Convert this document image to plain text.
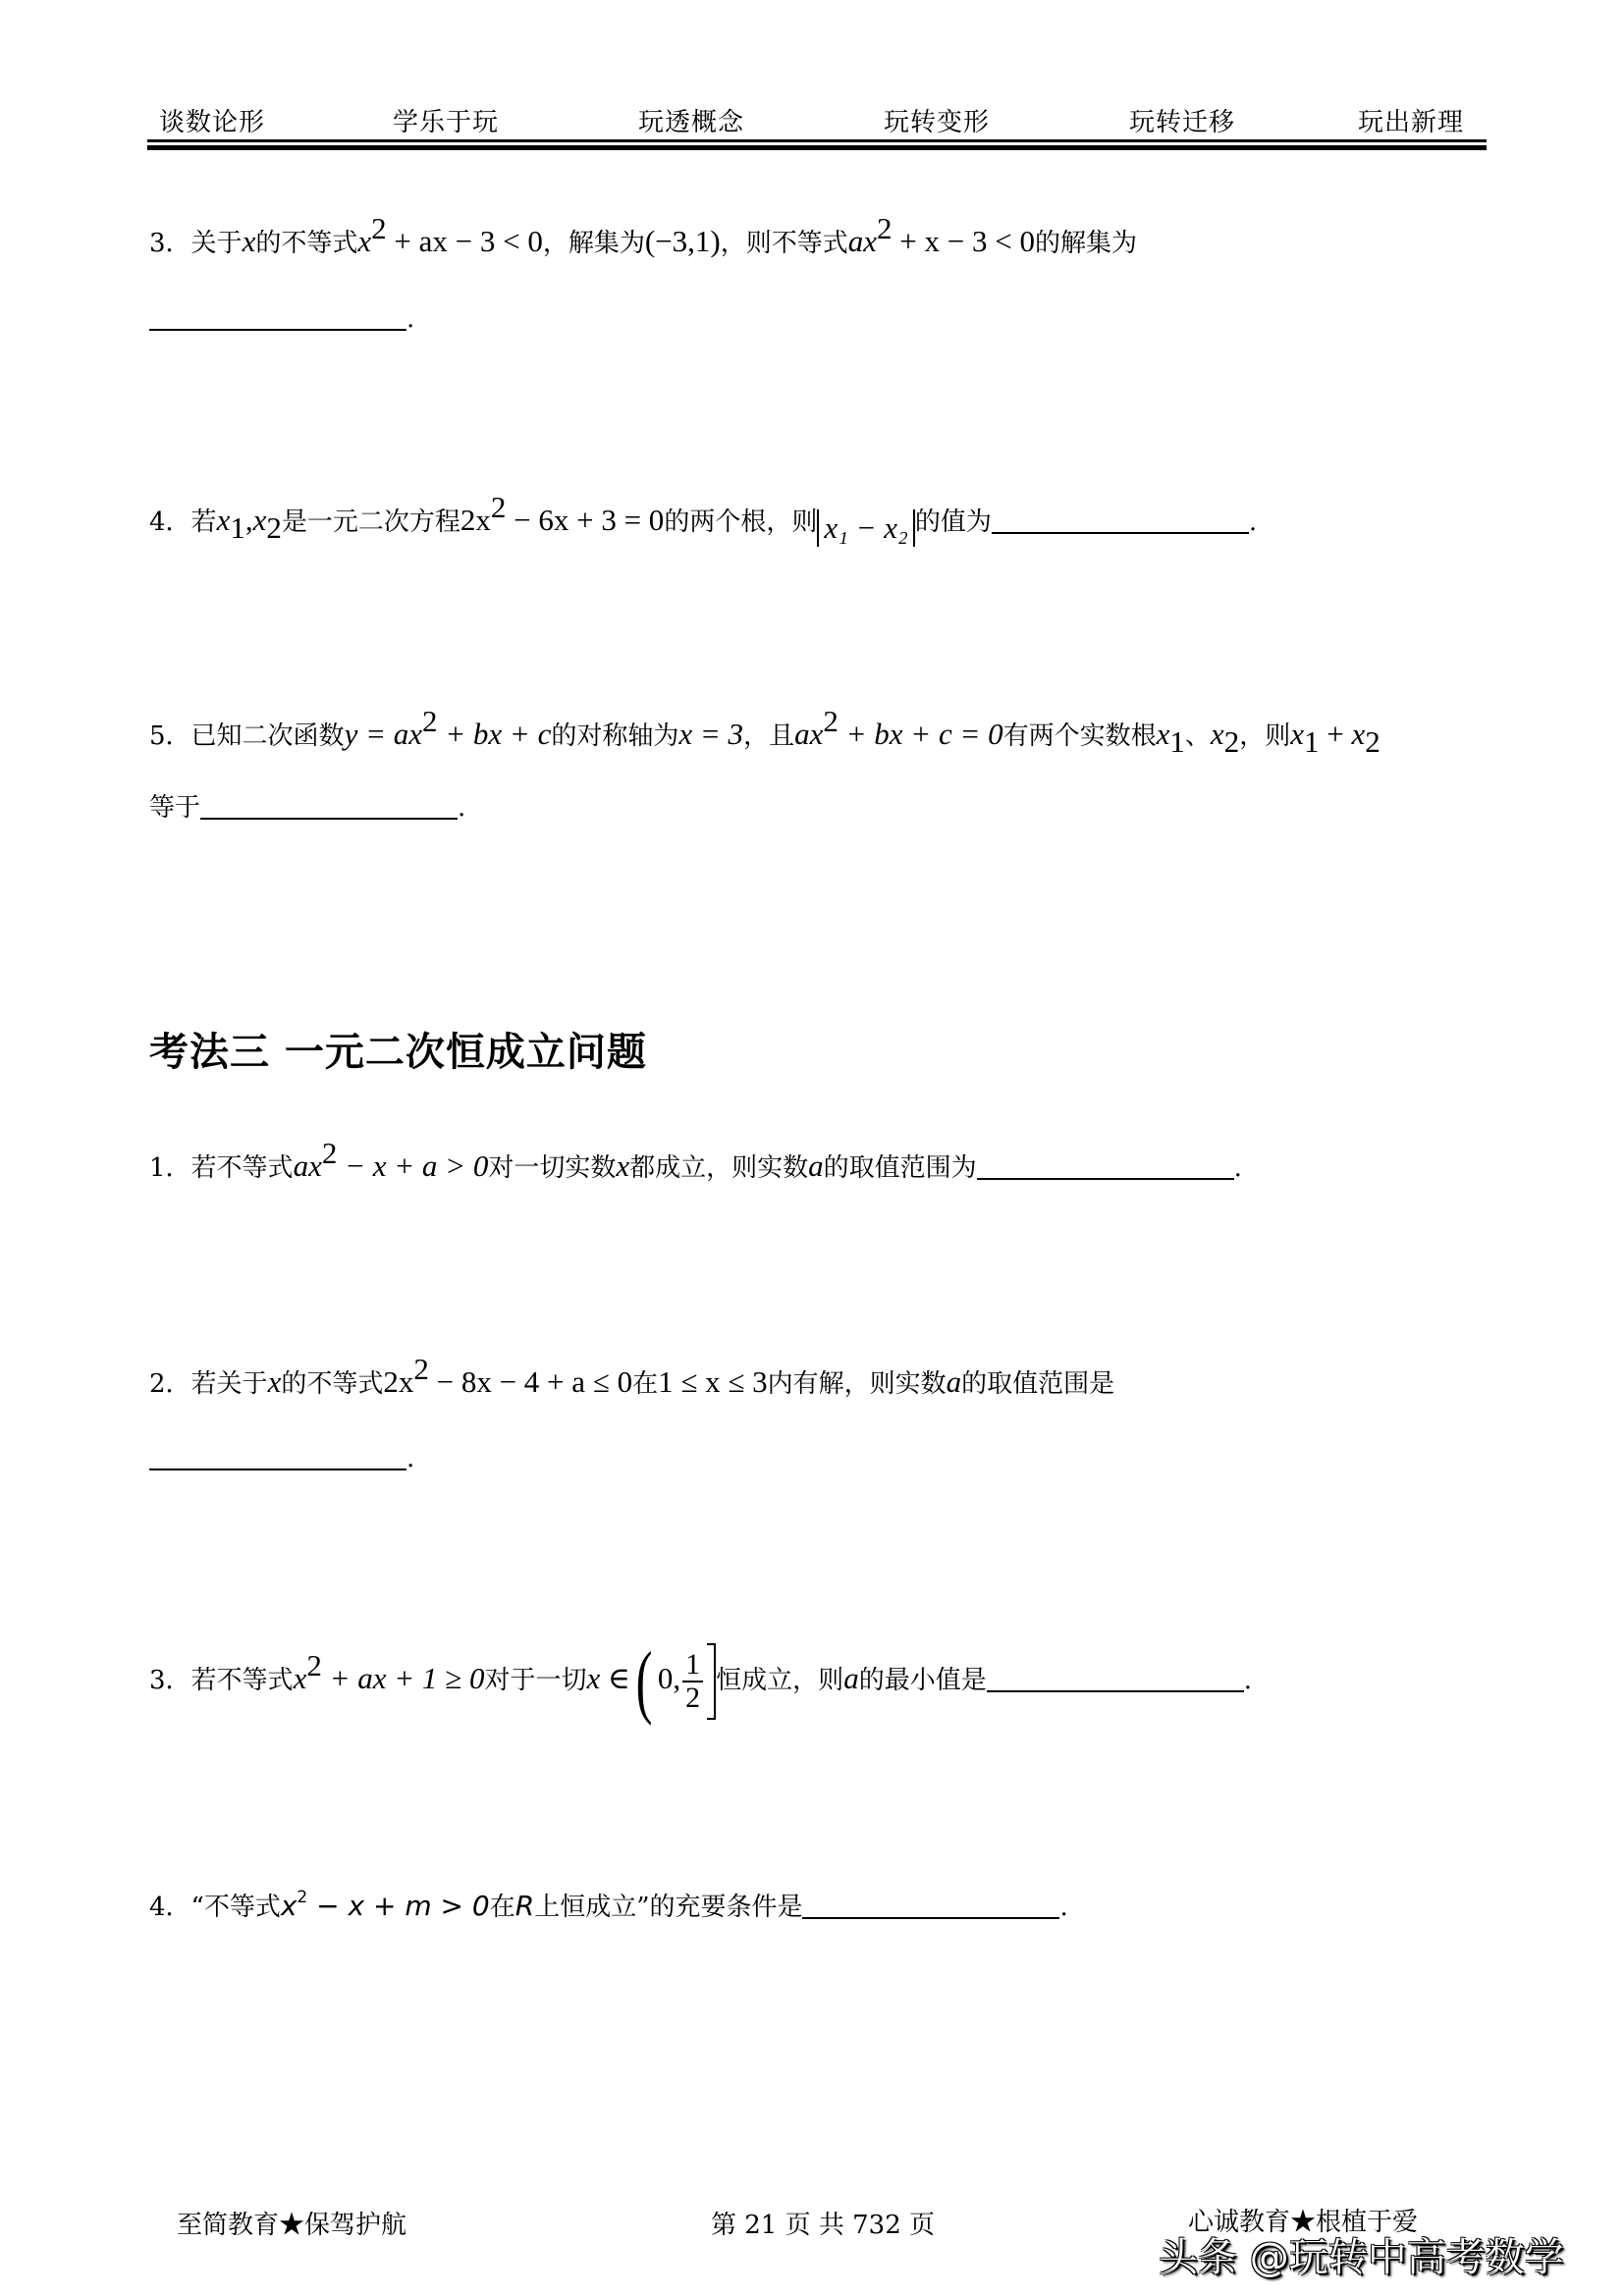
谈数论形	学乐于玩	玩透概念	玩转变形	玩转迁移	玩出新理
3．关于x的不等式$x^2$ + ax − 3 < 0，解集为(−3,1)，则不等式$ax^2 + x - 3 < 0$的解集为
.
4．若$x_1,x_2$是一元二次方程$2x^2 - 6x + 3 = 0$的两个根，则 x₁ − x₂ 的值为	.
5．已知二次函数$y = ax^2$ + bx + c的对称轴为x = 3，且$ax^2$ + bx + c = 0有两个实数根$x_1$、$x_2$，则$x_1 + x_2$
等于	.
考法三 一元二次恒成立问题
1．若不等式$ax^2 - x + a > 0$对一切实数x都成立，则实数a的取值范围为	.
2．若关于x的不等式$2x^2 - 8x - 4 + a \le 0$在1 ≤ x ≤ 3内有解，则实数a的取值范围是
.
3．若不等式$x^2$ + ax + 1 ≥ 0对于一切x ∈( 0, $\frac{1}{2}$ 恒成立，则a的最小值是	.
4．“不等式$x^2 - x + m > 0$在R上恒成立”的充要条件是	.
至简教育★保驾护航	第 21 页 共 732 页	心诚教育★根植于爱
头条 @玩转中高考数学
